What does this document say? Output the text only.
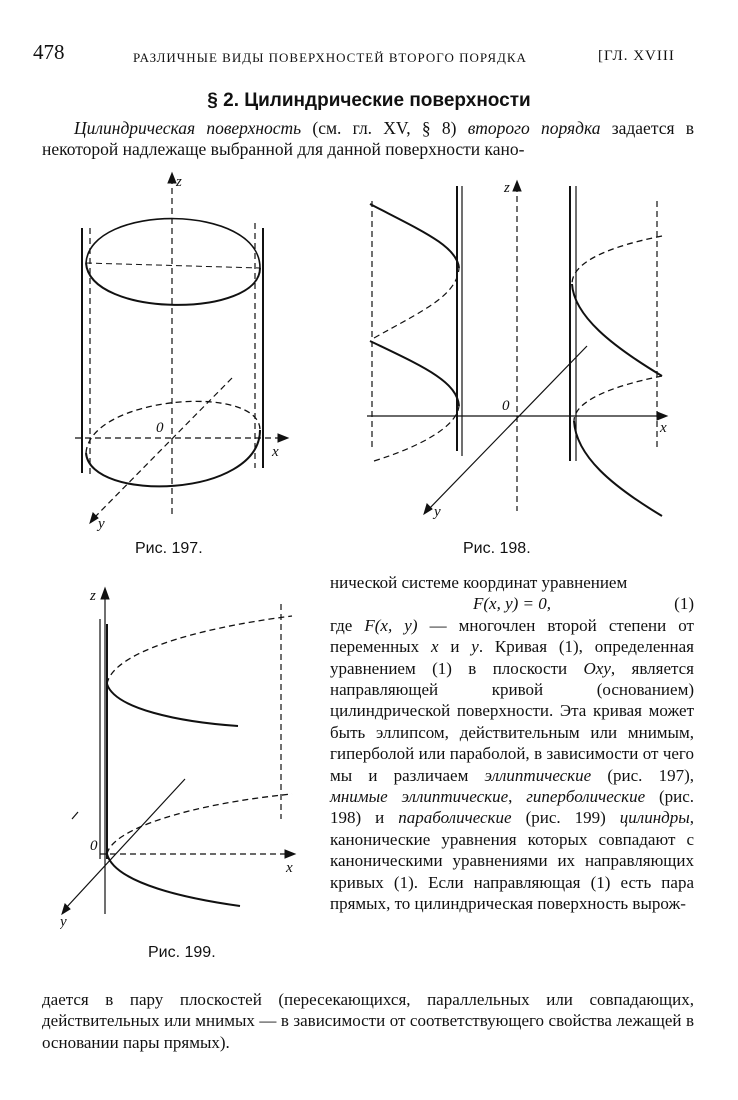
478	РАЗЛИЧНЫЕ ВИДЫ ПОВЕРХНОСТЕЙ ВТОРОГО ПОРЯДКА	[ГЛ. XVIII
§ 2. Цилиндрические поверхности
Цилиндрическая поверхность (см. гл. XV, § 8) второго порядка задается в некоторой надлежаще выбранной для данной поверхности кано-
z
0
x
y
Рис. 197.
z
0
x
y
Рис. 198.
z
0
x
y
Рис. 199.
нической системе координат уравнением
F(x, y) = 0,	(1)
где F(x, y) — многочлен второй степени от переменных x и y. Кривая (1), определенная уравнением (1) в плоскости Oxy, является направляющей кривой (основанием) цилиндрической поверхности. Эта кривая может быть эллипсом, действительным или мнимым, гиперболой или параболой, в зависимости от чего мы и различаем эллиптические (рис. 197), мнимые эллиптические, гиперболические (рис. 198) и параболические (рис. 199) цилиндры, канонические уравнения которых совпадают с каноническими уравнениями их направляющих кривых (1). Если направляющая (1) есть пара прямых, то цилиндрическая поверхность вырож-
дается в пару плоскостей (пересекающихся, параллельных или совпадающих, действительных или мнимых — в зависимости от соответствующего свойства лежащей в основании пары прямых).
